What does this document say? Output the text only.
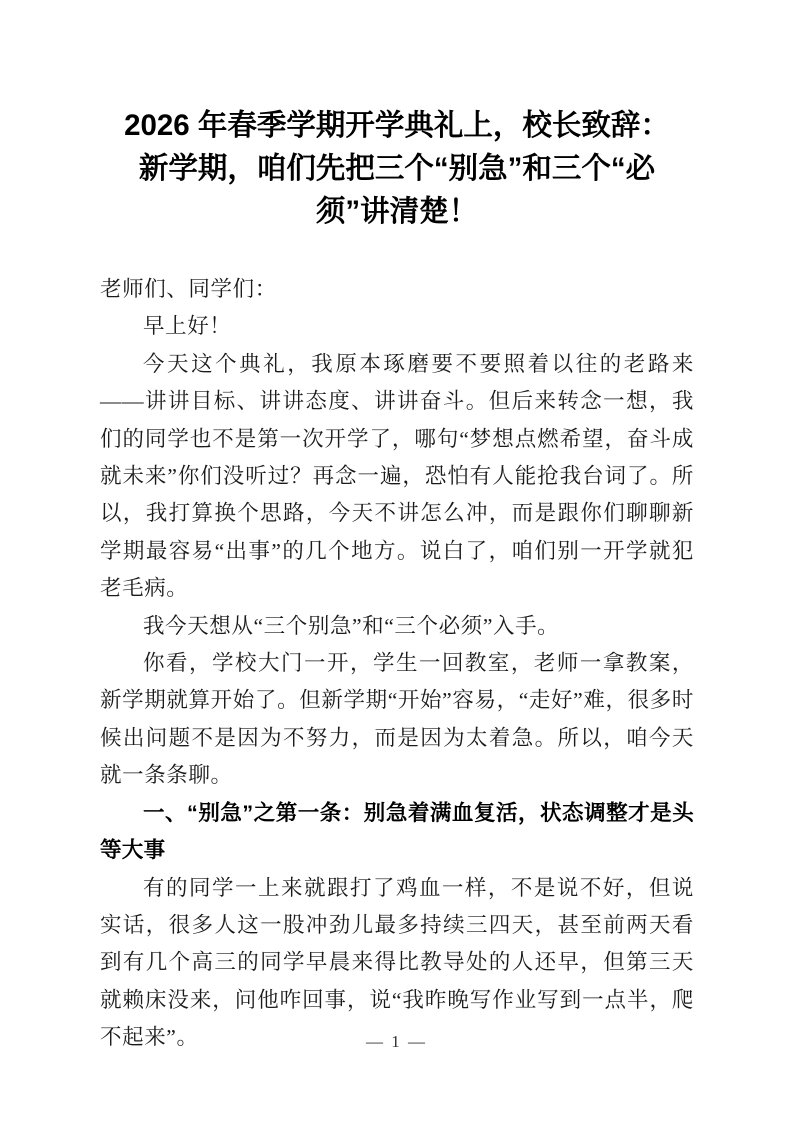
2026 年春季学期开学典礼上，校长致辞：
新学期，咱们先把三个“别急”和三个“必
须”讲清楚！

老师们、同学们：

早上好！

今天这个典礼，我原本琢磨要不要照着以往的老路来——讲讲目标、讲讲态度、讲讲奋斗。但后来转念一想，我们的同学也不是第一次开学了，哪句“梦想点燃希望，奋斗成就未来”你们没听过？再念一遍，恐怕有人能抢我台词了。所以，我打算换个思路，今天不讲怎么冲，而是跟你们聊聊新学期最容易“出事”的几个地方。说白了，咱们别一开学就犯老毛病。

我今天想从“三个别急”和“三个必须”入手。

你看，学校大门一开，学生一回教室，老师一拿教案，新学期就算开始了。但新学期“开始”容易，“走好”难，很多时候出问题不是因为不努力，而是因为太着急。所以，咱今天就一条条聊。

一、“别急”之第一条：别急着满血复活，状态调整才是头等大事

有的同学一上来就跟打了鸡血一样，不是说不好，但说实话，很多人这一股冲劲儿最多持续三四天，甚至前两天看到有几个高三的同学早晨来得比教导处的人还早，但第三天就赖床没来，问他咋回事，说“我昨晚写作业写到一点半，爬不起来”。	— 1 —
